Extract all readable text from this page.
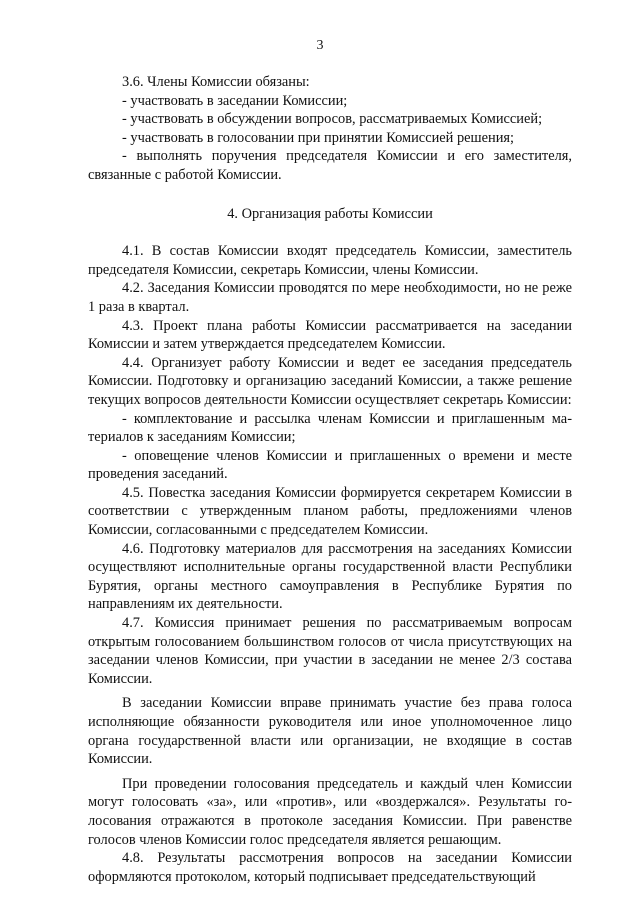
3

3.6. Члены Комиссии обязаны:

- участвовать в заседании Комиссии;

- участвовать в обсуждении вопросов, рассматриваемых Комиссией;

- участвовать в голосовании при принятии Комиссией решения;

- выполнять поручения председателя Комиссии и его заместителя, связанные с работой Комиссии.

4. Организация работы Комиссии

4.1. В состав Комиссии входят председатель Комиссии, заместитель председателя Комиссии, секретарь Комиссии, члены Комиссии.

4.2. Заседания Комиссии проводятся по мере необходимости, но не реже 1 раза в квартал.

4.3. Проект плана работы Комиссии рассматривается на заседании Комиссии и затем утверждается председателем Комиссии.

4.4. Организует работу Комиссии и ведет ее заседания председатель Комиссии. Подготовку и организацию заседаний Комиссии, а также решение текущих вопросов деятельности Комиссии осуществляет секретарь Комиссии:

- комплектование и рассылка членам Комиссии и приглашенным материалов к заседаниям Комиссии;

- оповещение членов Комиссии и приглашенных о времени и месте проведения заседаний.

4.5. Повестка заседания Комиссии формируется секретарем Комиссии в соответствии с утвержденным планом работы, предложениями членов Комиссии, согласованными с председателем Комиссии.

4.6. Подготовку материалов для рассмотрения на заседаниях Комиссии осуществляют исполнительные органы государственной власти Республики Бурятия, органы местного самоуправления в Республике Бурятия по направлениям их деятельности.

4.7. Комиссия принимает решения по рассматриваемым вопросам открытым голосованием большинством голосов от числа присутствующих на заседании членов Комиссии, при участии в заседании не менее 2/3 состава Комиссии.

В заседании Комиссии вправе принимать участие без права голоса исполняющие обязанности руководителя или иное уполномоченное лицо органа государственной власти или организации, не входящие в состав Комиссии.

При проведении голосования председатель и каждый член Комиссии могут голосовать «за», или «против», или «воздержался». Результаты голосования отражаются в протоколе заседания Комиссии. При равенстве голосов членов Комиссии голос председателя является решающим.

4.8. Результаты рассмотрения вопросов на заседании Комиссии оформляются протоколом, который подписывает председательствующий
